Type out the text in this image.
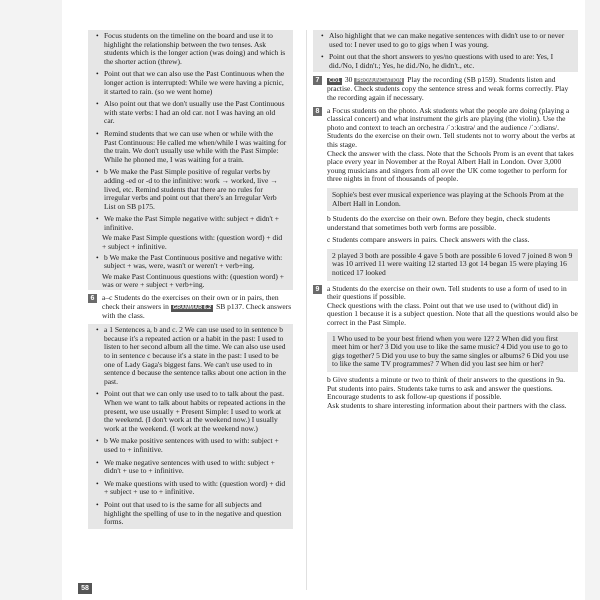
• Focus students on the timeline on the board and use it to highlight the relationship between the two tenses. Ask students which is the longer action (was doing) and which is the shorter action (threw).

• Point out that we can also use the Past Continuous when the longer action is interrupted: While we were having a picnic, it started to rain. (so we went home)

• Also point out that we don't usually use the Past Continuous with state verbs: I had an old car. not I was having an old car.

• Remind students that we can use when or while with the Past Continuous: He called me when/while I was waiting for the train. We don't usually use while with the Past Simple: While he phoned me, I was waiting for a train.

• b We make the Past Simple positive of regular verbs by adding -ed or -d to the infinitive: work → worked, live → lived, etc. Remind students that there are no rules for irregular verbs and point out that there's an Irregular Verb List on SB p175.

• We make the Past Simple negative with: subject + didn't + infinitive.

We make Past Simple questions with: (question word) + did + subject + infinitive.

• b We make the Past Continuous positive and negative with: subject + was, were, wasn't or weren't + verb+ing.

We make Past Continuous questions with: (question word) + was or were + subject + verb+ing.

6	a–c Students do the exercises on their own or in pairs, then check their answers in GRAMMAR 6.2 SB p137. Check answers with the class.

• a 1 Sentences a, b and c. 2 We can use used to in sentence b because it's a repeated action or a habit in the past: I used to listen to her second album all the time. We can also use used to in sentence c because it's a state in the past: I used to be one of Lady Gaga's biggest fans. We can't use used to in sentence d because the sentence talks about one action in the past.

• Point out that we can only use used to to talk about the past. When we want to talk about habits or repeated actions in the present, we use usually + Present Simple: I used to work at the weekend. (I don't work at the weekend now.) I usually work at the weekend. (I work at the weekend now.)

• b We make positive sentences with used to with: subject + used to + infinitive.

• We make negative sentences with used to with: subject + didn't + use to + infinitive.

• We make questions with used to with: (question word) + did + subject + use to + infinitive.

• Point out that used to is the same for all subjects and highlight the spelling of use to in the negative and question forms.

• Also highlight that we can make negative sentences with didn't use to or never used to: I never used to go to gigs when I was young.

• Point out that the short answers to yes/no questions with used to are: Yes, I did./No, I didn't.; Yes, he did./No, he didn't., etc.

7	CD1 30 PRONUNCIATION Play the recording (SB p159). Students listen and practise. Check students copy the sentence stress and weak forms correctly. Play the recording again if necessary.
8	a Focus students on the photo. Ask students what the people are doing (playing a classical concert) and what instrument the girls are playing (the violin). Use the photo and context to teach an orchestra /ˈɔːkɪstrə/ and the audience /ˈɔːdiəns/.
Students do the exercise on their own. Tell students not to worry about the verbs at this stage.
Check the answer with the class. Note that the Schools Prom is an event that takes place every year in November at the Royal Albert Hall in London. Over 3,000 young musicians and singers from all over the UK come together to perform for three nights in front of thousands of people.
Sophie's best ever musical experience was playing at the Schools Prom at the Albert Hall in London.
b Students do the exercise on their own. Before they begin, check students understand that sometimes both verb forms are possible.
c Students compare answers in pairs. Check answers with the class.
2 played 3 both are possible 4 gave 5 both are possible 6 loved 7 joined 8 won 9 was 10 arrived 11 were waiting 12 started 13 got 14 began 15 were playing 16 noticed 17 looked
9	a Students do the exercise on their own. Tell students to use a form of used to in their questions if possible.
Check questions with the class. Point out that we use used to (without did) in question 1 because it is a subject question. Note that all the questions would also be correct in the Past Simple.
1 Who used to be your best friend when you were 12? 2 When did you first meet him or her? 3 Did you use to like the same music? 4 Did you use to go to gigs together? 5 Did you use to buy the same singles or albums? 6 Did you use to like the same TV programmes? 7 When did you last see him or her?
b Give students a minute or two to think of their answers to the questions in 9a.
Put students into pairs. Students take turns to ask and answer the questions. Encourage students to ask follow-up questions if possible.
Ask students to share interesting information about their partners with the class.
58
